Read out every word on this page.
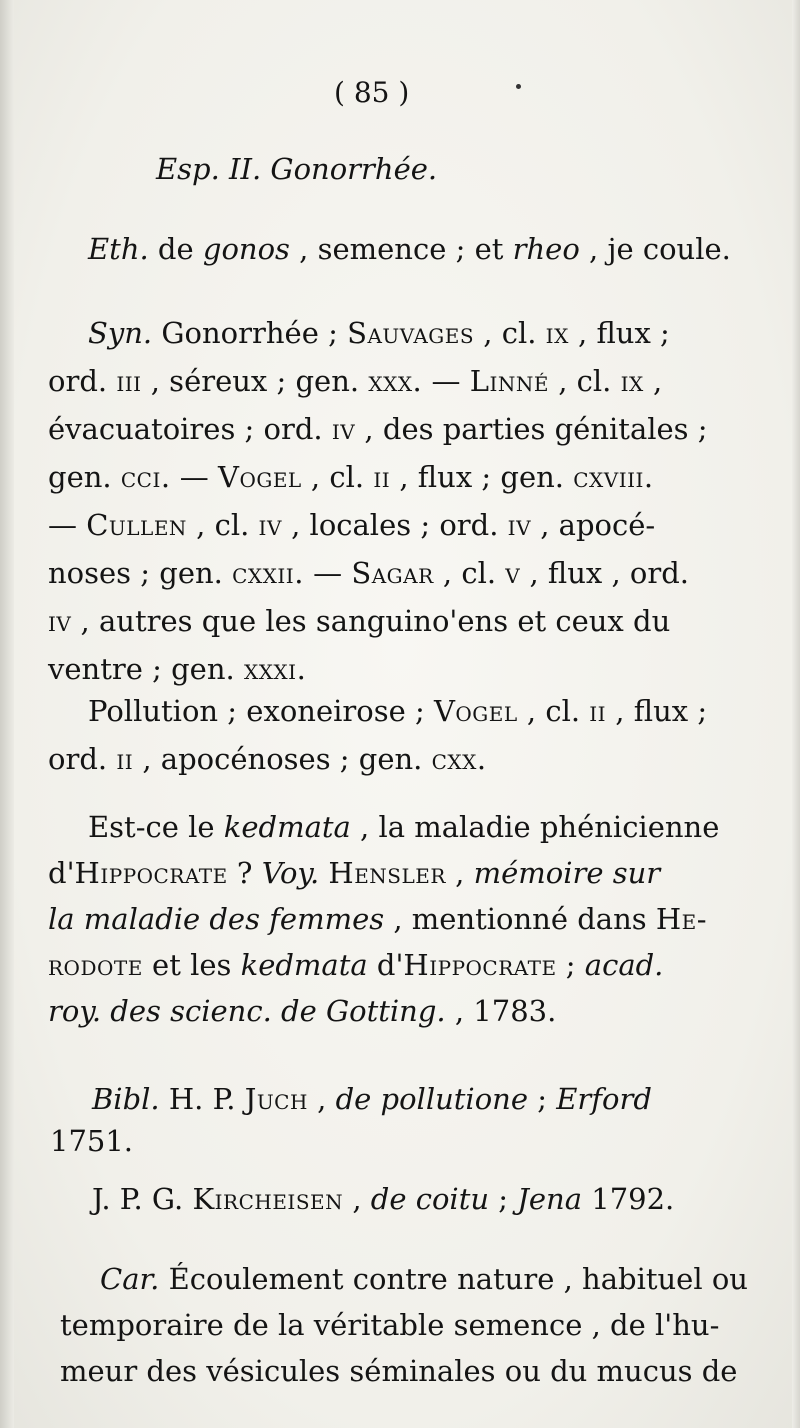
( 85 )
Esp. II. Gonorrhée.
Eth. de gonos , semence ; et rheo , je coule.
Syn. Gonorrhée ; Sauvages , cl. ix , flux ;
ord. iii , séreux ; gen. xxx. — Linné , cl. ix ,
évacuatoires ; ord. iv , des parties génitales ;
gen. cci. — Vogel , cl. ii , flux ; gen. cxviii.
— Cullen , cl. iv , locales ; ord. iv , apocé-
noses ; gen. cxxii. — Sagar , cl. v , flux , ord.
iv , autres que les sanguino'ens et ceux du
ventre ; gen. xxxi.
Pollution ; exoneirose ; Vogel , cl. ii , flux ;
ord. ii , apocénoses ; gen. cxx.
Est-ce le kedmata , la maladie phénicienne
d'Hippocrate ? Voy. Hensler , mémoire sur
la maladie des femmes , mentionné dans He-
rodote et les kedmata d'Hippocrate ; acad.
roy. des scienc. de Gotting. , 1783.
Bibl. H. P. Juch , de pollutione ; Erford
1751.
J. P. G. Kircheisen , de coitu ; Jena 1792.
Car. Écoulement contre nature , habituel ou
temporaire de la véritable semence , de l'hu-
meur des vésicules séminales ou du mucus de
